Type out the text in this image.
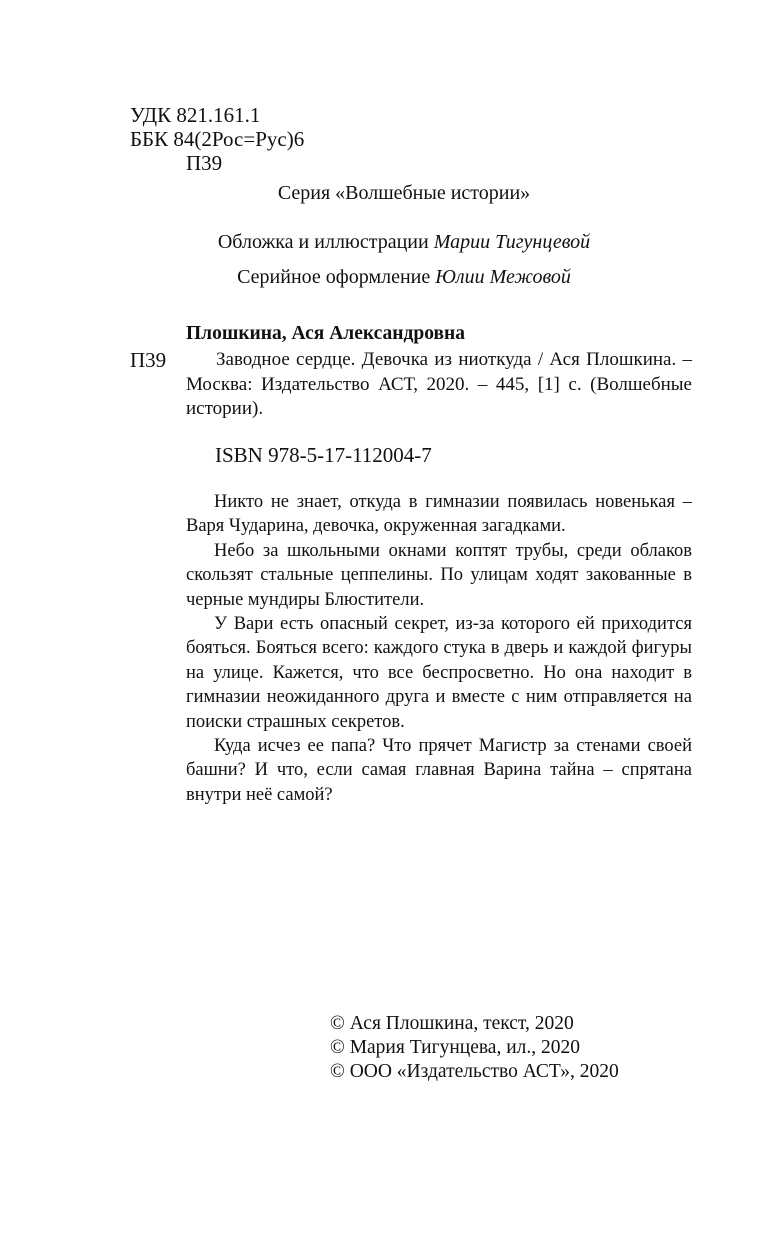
УДК 821.161.1
ББК 84(2Рос=Рус)6
П39
Серия «Волшебные истории»
Обложка и иллюстрации Марии Тигунцевой
Серийное оформление Юлии Межовой
Плошкина, Ася Александровна
П39	Заводное сердце. Девочка из ниоткуда / Ася Плошкина. – Москва: Издательство АСТ, 2020. – 445, [1] с. (Волшебные истории).
ISBN 978-5-17-112004-7

Никто не знает, откуда в гимназии появилась новенькая – Варя Чударина, девочка, окруженная загадками.

Небо за школьными окнами коптят трубы, среди облаков скользят стальные цеппелины. По улицам ходят закованные в черные мундиры Блюстители.

У Вари есть опасный секрет, из-за которого ей приходится бояться. Бояться всего: каждого стука в дверь и каждой фигуры на улице. Кажется, что все беспросветно. Но она находит в гимназии неожиданного друга и вместе с ним отправляется на поиски страшных секретов.

Куда исчез ее папа? Что прячет Магистр за стенами своей башни? И что, если самая главная Варина тайна – спрятана внутри неё самой?

© Ася Плошкина, текст, 2020
© Мария Тигунцева, ил., 2020
© ООО «Издательство АСТ», 2020
